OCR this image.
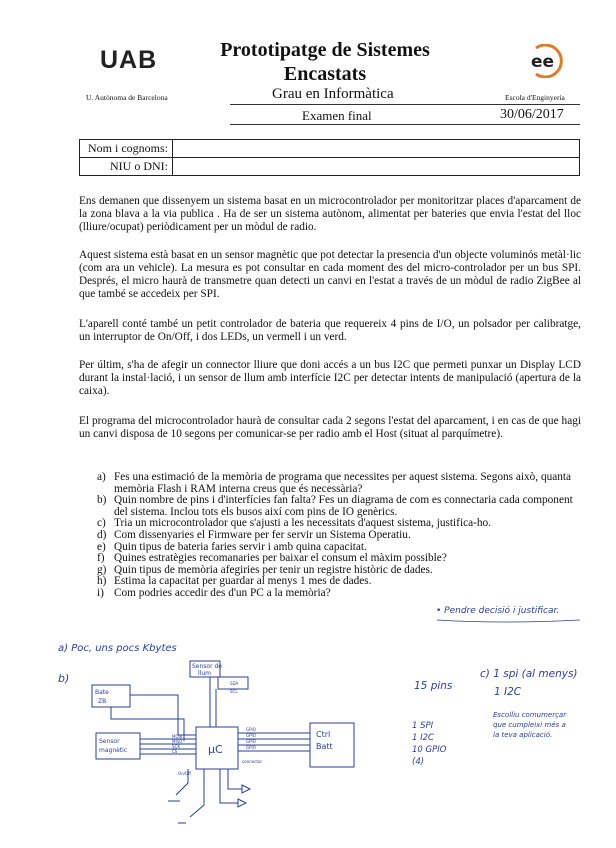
UAB
U. Autònoma de Barcelona
Prototipatge de Sistemes
Encastats
ee
Escola d'Enginyeria
Grau en Informàtica
Examen final	30/06/2017
Nom i cognoms:	
NIU o DNI:	
Ens demanen que dissenyem un sistema basat en un microcontrolador per monitoritzar places d'aparcament de la zona blava a la via publica . Ha de ser un sistema autònom, alimentat per bateries que envia l'estat del lloc (lliure/ocupat) periòdicament per un mòdul de radio.
Aquest sistema està basat en un sensor magnètic que pot detectar la presencia d'un objecte voluminós metàl·lic (com ara un vehicle). La mesura es pot consultar en cada moment des del micro-controlador per un bus SPI. Després, el micro haurà de transmetre quan detecti un canvi en l'estat a través de un mòdul de radio ZigBee al que també se accedeix per SPI.
L'aparell conté també un petit controlador de bateria que requereix 4 pins de I/O, un polsador per calibratge, un interruptor de On/Off, i dos LEDs, un vermell i un verd.
Per últim, s'ha de afegir un connector lliure que doni accés a un bus I2C que permeti punxar un Display LCD durant la instal·lació, i un sensor de llum amb interfície I2C per detectar intents de manipulació (apertura de la caixa).
El programa del microcontrolador haurà de consultar cada 2 segons l'estat del aparcament, i en cas de que hagi un canvi disposa de 10 segons per comunicar-se per radio amb el Host (situat al parquímetre).
a) Fes una estimació de la memòria de programa que necessites per aquest sistema. Segons això, quanta memòria Flash i RAM interna creus que és necessària?
b) Quin nombre de pins i d'interfícies fan falta? Fes un diagrama de com es connectaria cada component del sistema. Inclou tots els busos així com pins de IO genèrics.
c) Tria un microcontrolador que s'ajusti a les necessitats d'aquest sistema, justifica-ho.
d) Com dissenyaries el Firmware per fer servir un Sistema Operatiu.
e) Quin tipus de bateria faries servir i amb quina capacitat.
f) Quines estratègies recomanaries per baixar el consum el màxim possible?
g) Quin tipus de memòria afegiries per tenir un registre històric de dades.
h) Estima la capacitat per guardar al menys 1 mes de dades.
i) Com podries accedir des d'un PC a la memòria?
• Pendre decisió i justificar.
a) Poc, uns pocs Kbytes
b)	c) 1 spi (al menys)
1 I2C
Escolliu comumerçar que cumpleixi més a la teva aplicació.
15 pins
1 SPI
1 I2C
10 GPIO
(4)
Bate
ZB
Sensor de
llum
Sensor
magnètic	µC
Ctrl
Batt
MOSI
MISO
SCK
CS
SDA
SCL
GPIO
GPIO
GPIO
GPIO
connector
On/Off
